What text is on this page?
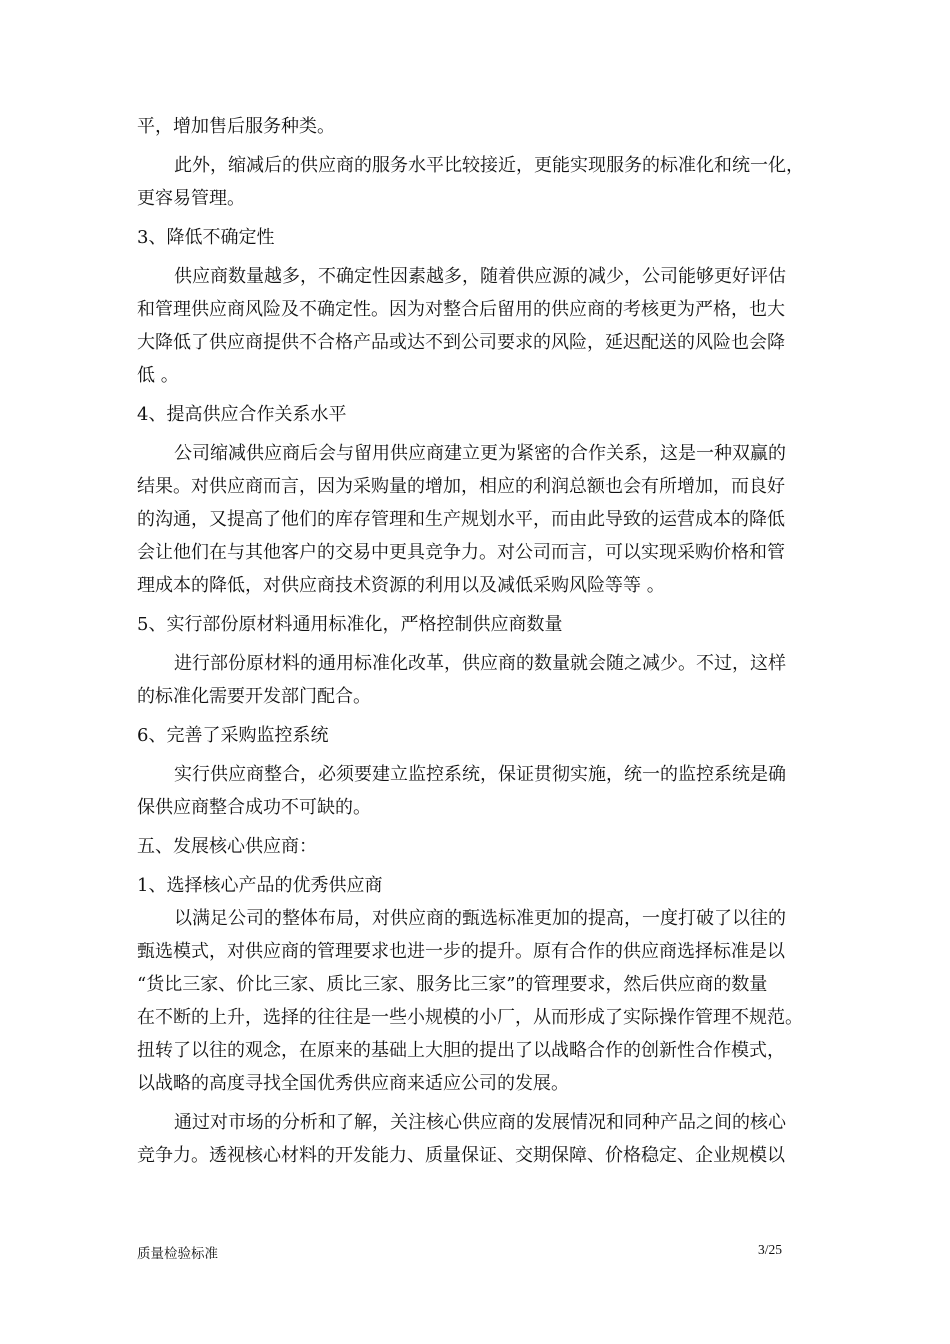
平，增加售后服务种类。

此外，缩减后的供应商的服务水平比较接近，更能实现服务的标准化和统一化，

更容易管理。

3、降低不确定性

供应商数量越多，不确定性因素越多，随着供应源的减少，公司能够更好评估

和管理供应商风险及不确定性。因为对整合后留用的供应商的考核更为严格，也大

大降低了供应商提供不合格产品或达不到公司要求的风险，延迟配送的风险也会降

低 。

4、提高供应合作关系水平

公司缩减供应商后会与留用供应商建立更为紧密的合作关系，这是一种双赢的

结果。对供应商而言，因为采购量的增加，相应的利润总额也会有所增加，而良好

的沟通，又提高了他们的库存管理和生产规划水平，而由此导致的运营成本的降低

会让他们在与其他客户的交易中更具竞争力。对公司而言，可以实现采购价格和管

理成本的降低，对供应商技术资源的利用以及减低采购风险等等 。

5、实行部份原材料通用标准化，严格控制供应商数量

进行部份原材料的通用标准化改革，供应商的数量就会随之减少。不过，这样

的标准化需要开发部门配合。

6、完善了采购监控系统

实行供应商整合，必须要建立监控系统，保证贯彻实施，统一的监控系统是确

保供应商整合成功不可缺的。

五、发展核心供应商：

1、选择核心产品的优秀供应商

以满足公司的整体布局，对供应商的甄选标准更加的提高，一度打破了以往的

甄选模式，对供应商的管理要求也进一步的提升。原有合作的供应商选择标准是以

“货比三家、价比三家、质比三家、服务比三家”的管理要求，然后供应商的数量

在不断的上升，选择的往往是一些小规模的小厂，从而形成了实际操作管理不规范。

扭转了以往的观念，在原来的基础上大胆的提出了以战略合作的创新性合作模式，

以战略的高度寻找全国优秀供应商来适应公司的发展。

通过对市场的分析和了解，关注核心供应商的发展情况和同种产品之间的核心

竞争力。透视核心材料的开发能力、质量保证、交期保障、价格稳定、企业规模以

质量检验标准	3/25
